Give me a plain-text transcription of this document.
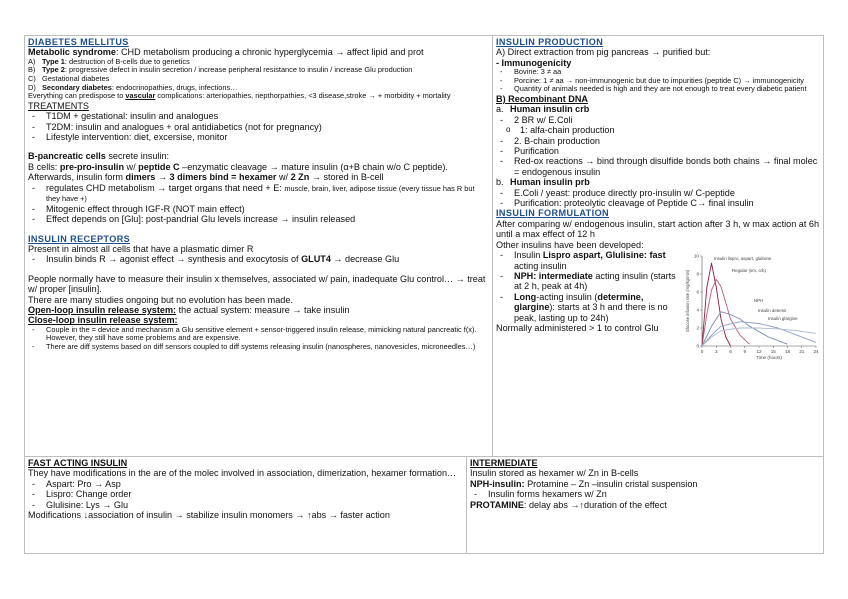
DIABETES MELLITUS

Metabolic syndrome: CHD metabolism producing a chronic hyperglycemia → affect lipid and prot

A) Type 1: destruction of B-cells due to genetics
B) Type 2: progressive defect in insulin secretion / increase peripheral resistance to insulin / increase Glu production
C) Gestational diabetes
D) Secondary diabetes: endocrinopathies, drugs, infections…

Everything can predispose to vascular complications: arteriopathies, nepthorpathies, <3 disease,stroke → + morbidity + mortality

TREATMENTS

- T1DM + gestational: insulin and analogues
- T2DM: insulin and analogues + oral antidiabetics (not for pregnancy)
- Lifestyle intervention: diet, excersise, monitor

B-pancreatic cells secrete insulin:

B cells: pre-pro-insulin w/ peptide C –enzymatic cleavage → mature insulin (α+B chain w/o C peptide). Afterwards, insulin form dimers → 3 dimers bind = hexamer w/ 2 Zn → stored in B-cell

- regulates CHD metabolism → target organs that need + E: muscle, brain, liver, adipose tissue (every tissue has R but they have +)
- Mitogenic effect through IGF-R (NOT main effect)
- Effect depends on [Glu]: post-pandrial Glu levels increase → insulin released

INSULIN RECEPTORS

Present in almost all cells that have a plasmatic dimer R

- Insulin binds R → agonist effect → synthesis and exocytosis of GLUT4 → decrease Glu

People normally have to measure their insulin x themselves, associated w/ pain, inadequate Glu control… → treat w/ proper [insulin].

There are many studies ongoing but no evolution has been made.

Open-loop insulin release system: the actual system: measure → take insulin

Close-loop insulin release system:

- Couple in the = device and mechanism a Glu sensitive element + sensor-triggered insulin release, mimicking natural pancreatic f(x). However, they still have some problems and are expensive.
- There are diff systems based on diff sensors coupled to diff systems releasing insulin (nanospheres, nanovesicles, microneedles…)

INSULIN PRODUCTION

A) Direct extraction from pig pancreas → purified but:

- Immunogenicity

- Bovine: 3 ≠ aa
- Porcine: 1 ≠ aa → non-immunogenic but due to impurities (peptide C) → immunogenicity
- Quantity of animals needed is high and they are not enough to treat every diabetic patient

B) Recombinant DNA

a. Human insulin crb
- 2 BR w/ E.Coli
o 1: alfa-chain production
- 2. B-chain production
- Purification
- Red-ox reactions → bind through disulfide bonds both chains → final molec = endogenous insulin
b. Human insulin prb
- E.Coli / yeast: produce directly pro-insulin w/ C-peptide
- Purification: proteolytic cleavage of Peptide C→ final insulin

INSULIN FORMULATION

After comparing w/ endogenous insulin, start action after 3 h, w max action at 6h until a max effect of 12 h

Other insulins have been developed:

0	3	6	9 12 15 18 21 24
0
2
4
6
8
10
Time (hours)
Glucose infusion rate (mg/kg/min)
Insulin lispro, aspart, glulisine
Regular (sm, crb)
NPH
Insulin detemir
Insulin glargine
- Insulin Lispro aspart, Glulisine: fast acting insulin
- NPH: intermediate acting insulin (starts at 2 h, peak at 4h)
- Long-acting insulin (determine, glargine): starts at 3 h and there is no peak, lasting up to 24h)

Normally administered > 1 to control Glu

FAST ACTING INSULIN

They have modifications in the are of the molec involved in association, dimerization, hexamer formation…

- Aspart: Pro → Asp
- Lispro: Change order
- Glulisine: Lys → Glu

Modifications ↓association of insulin → stabilize insulin monomers → ↑abs → faster action

INTERMEDIATE

Insulin stored as hexamer w/ Zn in B-cells

NPH-insulin: Protamine – Zn –insulin cristal suspension

- Insulin forms hexamers w/ Zn

PROTAMINE: delay abs →↑duration of the effect
